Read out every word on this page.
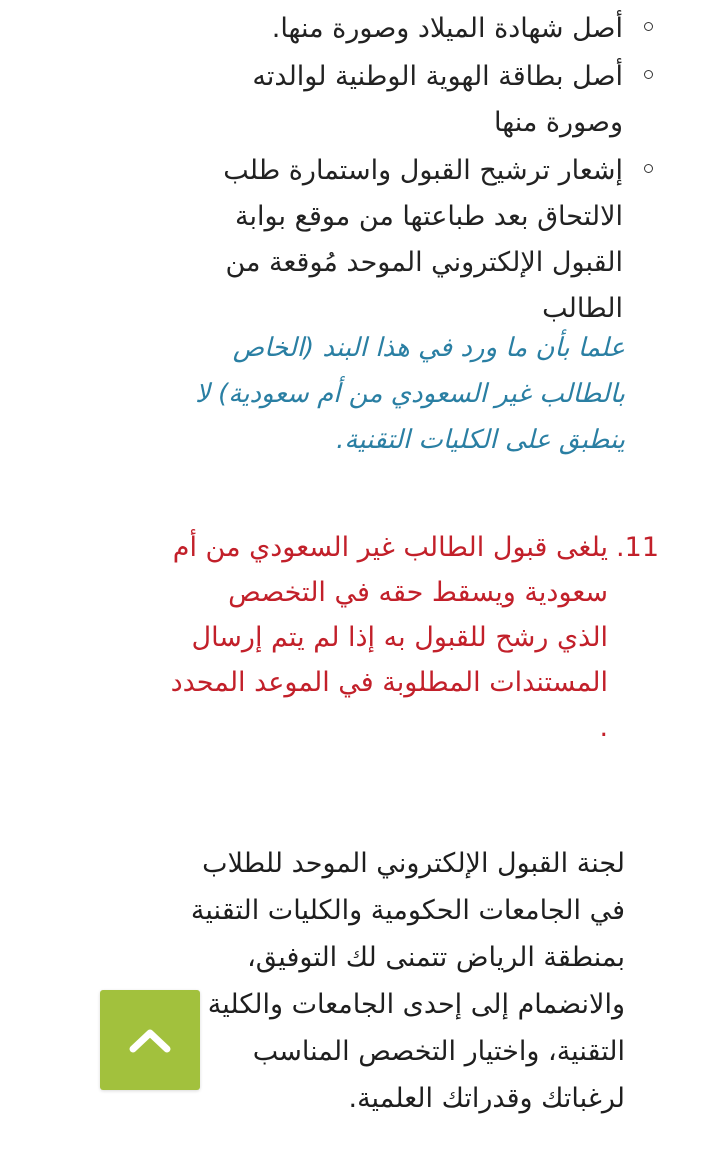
أصل شهادة الميلاد وصورة منها.
أصل بطاقة الهوية الوطنية لوالدته وصورة منها
إشعار ترشيح القبول واستمارة طلب الالتحاق بعد طباعتها من موقع بوابة القبول الإلكتروني الموحد مُوقعة من الطالب

علما بأن ما ورد في هذا البند (الخاص بالطالب غير السعودي من أم سعودية) لا ينطبق على الكليات التقنية.

11.
يلغى قبول الطالب غير السعودي من أم سعودية ويسقط حقه في التخصص الذي رشح للقبول به إذا لم يتم إرسال المستندات المطلوبة في الموعد المحدد .

لجنة القبول الإلكتروني الموحد للطلاب في الجامعات الحكومية والكليات التقنية بمنطقة الرياض تتمنى لك التوفيق، والانضمام إلى إحدى الجامعات والكلية التقنية، واختيار التخصص المناسب لرغباتك وقدراتك العلمية.
